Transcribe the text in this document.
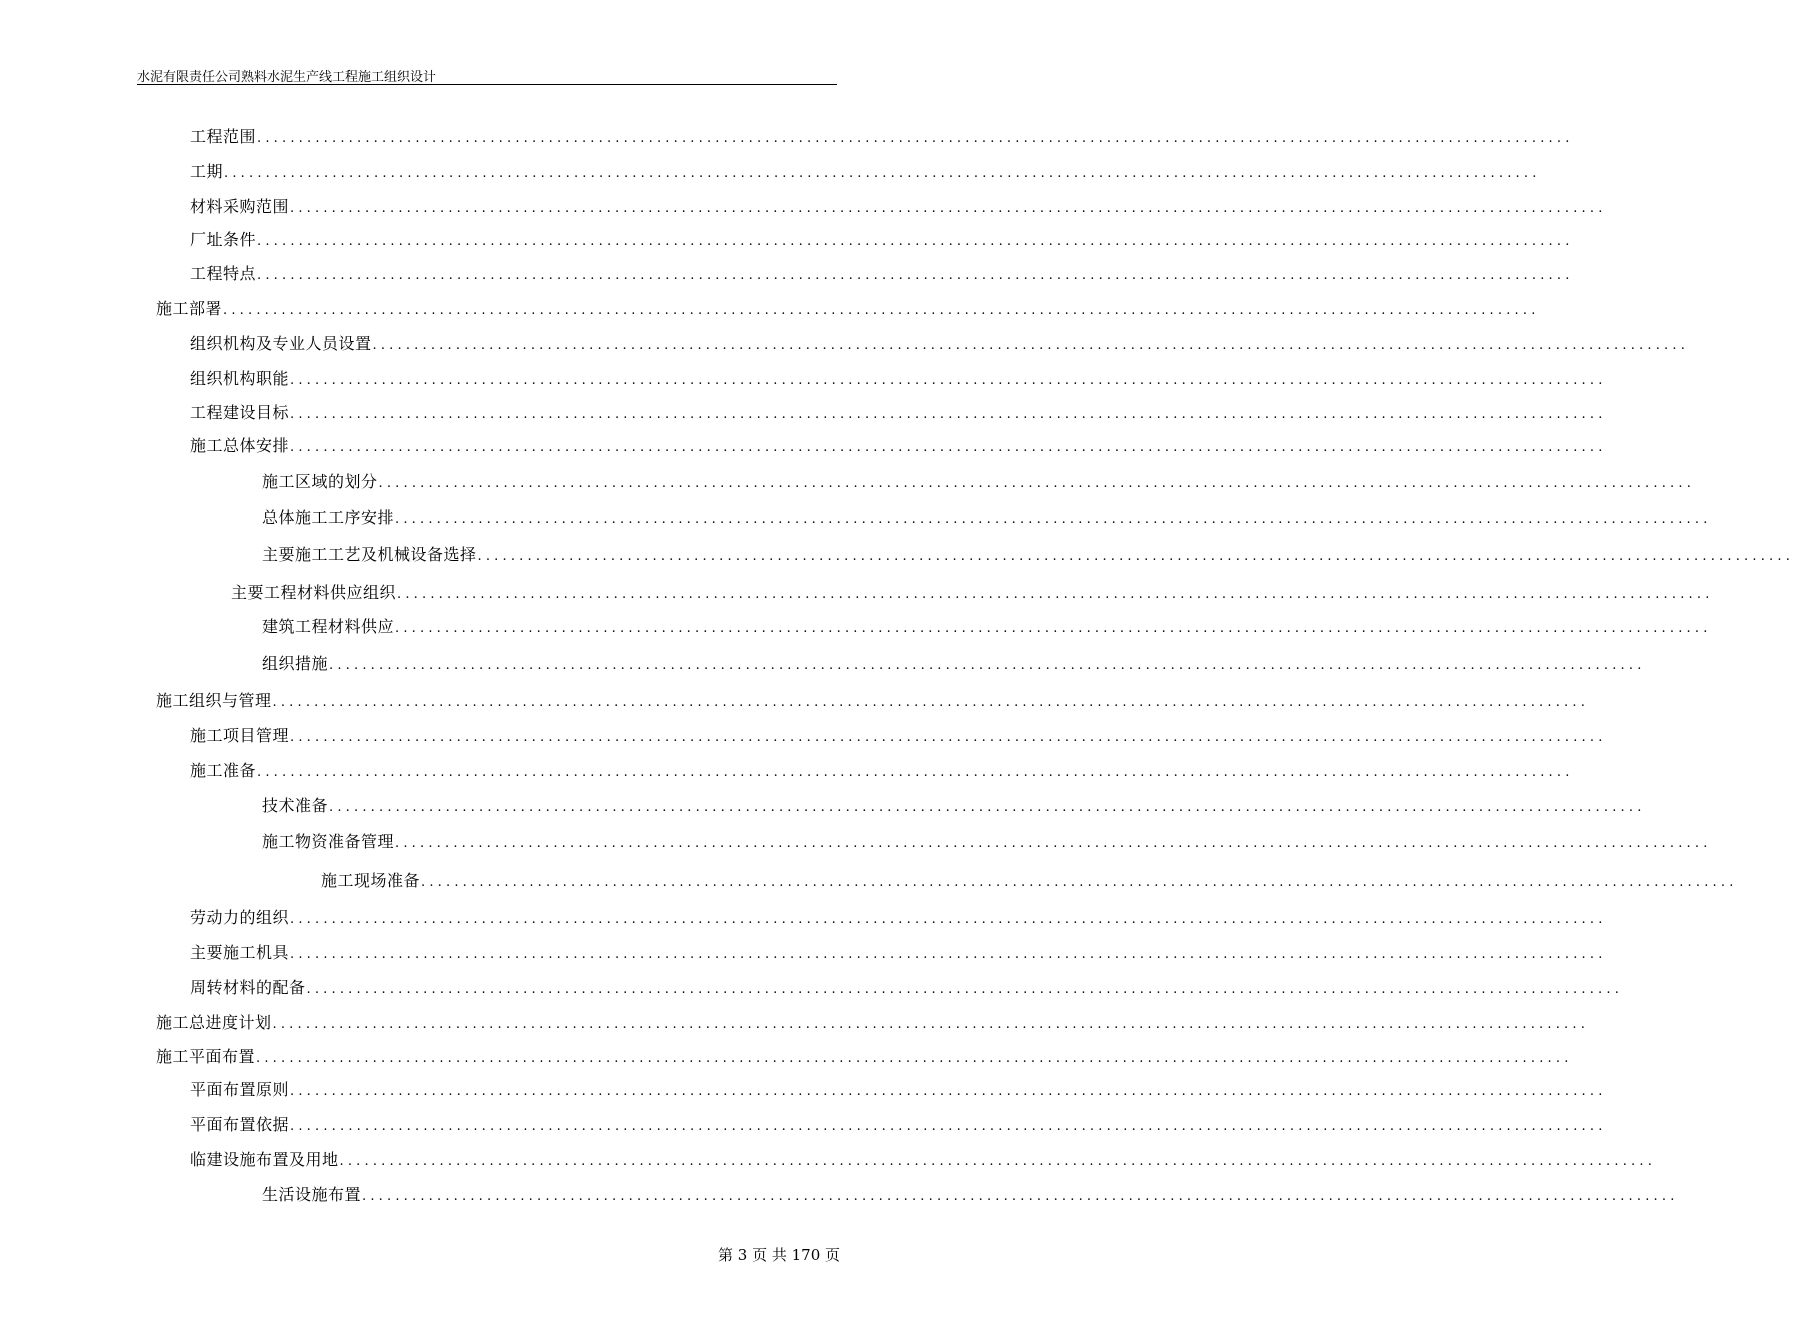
水泥有限责任公司熟料水泥生产线工程施工组织设计
工程范围 ..............................................................................................................................................................
工期 ..............................................................................................................................................................
材料采购范围 ..............................................................................................................................................................
厂址条件 ..............................................................................................................................................................
工程特点 ..............................................................................................................................................................
施工部署 ..............................................................................................................................................................
组织机构及专业人员设置 ..............................................................................................................................................................
组织机构职能 ..............................................................................................................................................................
工程建设目标 ..............................................................................................................................................................
施工总体安排 ..............................................................................................................................................................
施工区域的划分 ..............................................................................................................................................................
总体施工工序安排 ..............................................................................................................................................................
主要施工工艺及机械设备选择 ..............................................................................................................................................................
主要工程材料供应组织 ..............................................................................................................................................................
建筑工程材料供应 ..............................................................................................................................................................
组织措施 ..............................................................................................................................................................
施工组织与管理 ..............................................................................................................................................................
施工项目管理 ..............................................................................................................................................................
施工准备 ..............................................................................................................................................................
技术准备 ..............................................................................................................................................................
施工物资准备管理 ..............................................................................................................................................................
施工现场准备 ..............................................................................................................................................................
劳动力的组织 ..............................................................................................................................................................
主要施工机具 ..............................................................................................................................................................
周转材料的配备 ..............................................................................................................................................................
施工总进度计划 ..............................................................................................................................................................
施工平面布置 ..............................................................................................................................................................
平面布置原则 ..............................................................................................................................................................
平面布置依据 ..............................................................................................................................................................
临建设施布置及用地 ..............................................................................................................................................................
生活设施布置 ..............................................................................................................................................................
第 3 页 共 170 页
